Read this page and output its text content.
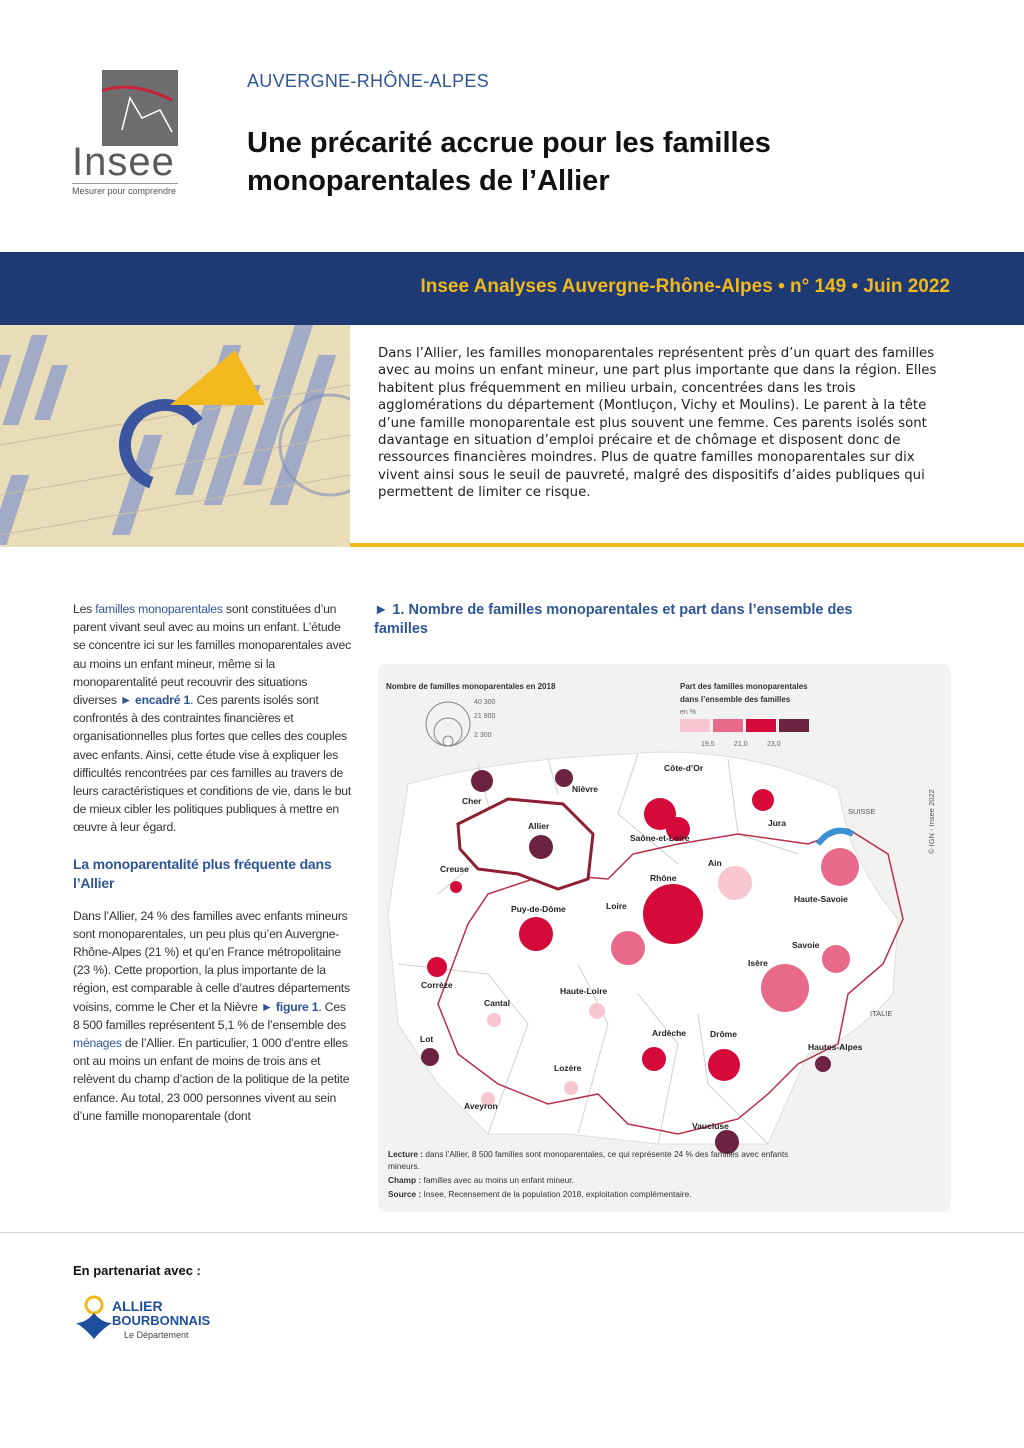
Insee
Mesurer pour comprendre
AUVERGNE-RHÔNE-ALPES
Une précarité accrue pour les familles
monoparentales de l’Allier
Insee Analyses Auvergne-Rhône-Alpes • n° 149 • Juin 2022
Dans l’Allier, les familles monoparentales représentent près d’un quart des familles avec au moins un enfant mineur, une part plus importante que dans la région. Elles habitent plus fréquemment en milieu urbain, concentrées dans les trois agglomérations du département (Montluçon, Vichy et Moulins). Le parent à la tête d’une famille monoparentale est plus souvent une femme. Ces parents isolés sont davantage en situation d’emploi précaire et de chômage et disposent donc de ressources financières moindres. Plus de quatre familles monoparentales sur dix vivent ainsi sous le seuil de pauvreté, malgré des dispositifs d’aides publiques qui permettent de limiter ce risque.

Les familles monoparentales sont constituées d’un parent vivant seul avec au moins un enfant. L’étude se concentre ici sur les familles monoparentales avec au moins un enfant mineur, même si la monoparentalité peut recouvrir des situations diverses ► encadré 1. Ces parents isolés sont confrontés à des contraintes financières et organisationnelles plus fortes que celles des couples avec enfants. Ainsi, cette étude vise à expliquer les difficultés rencontrées par ces familles au travers de leurs caractéristiques et conditions de vie, dans le but de mieux cibler les politiques publiques à mettre en œuvre à leur égard.

La monoparentalité plus fréquente dans l’Allier

Dans l’Allier, 24 % des familles avec enfants mineurs sont monoparentales, un peu plus qu’en Auvergne-Rhône-Alpes (21 %) et qu’en France métropolitaine (23 %). Cette proportion, la plus importante de la région, est comparable à celle d’autres départements voisins, comme le Cher et la Nièvre ► figure 1. Ces 8 500 familles représentent 5,1 % de l’ensemble des ménages de l’Allier. En particulier, 1 000 d’entre elles ont au moins un enfant de moins de trois ans et relèvent du champ d’action de la politique de la petite enfance. Au total, 23 000 personnes vivent au sein d’une famille monoparentale (dont

► 1. Nombre de familles monoparentales et part dans l’ensemble des familles
Nombre de familles monoparentales en 2018
40 300
21 900
2 300
Part des familles monoparentales
dans l’ensemble des familles
en %
19,5	21,0	23,0
© IGN - Insee 2022
SUISSE
ITALIE
Cher
Nièvre
Côte-d’Or
Allier
Saône-et-Loire
Jura
Creuse
Ain
Rhône
Haute-Savoie
Puy-de-Dôme	Loire
Savoie
Isère
Corrèze
Cantal
Haute-Loire
Lot
Ardèche	Drôme
Hautes-Alpes
Lozère
Aveyron
Vaucluse
Lecture : dans l’Allier, 8 500 familles sont monoparentales, ce qui représente 24 % des familles avec enfants
mineurs.
Champ : familles avec au moins un enfant mineur.
Source : Insee, Recensement de la population 2018, exploitation complémentaire.
En partenariat avec :
ALLIER
BOURBONNAIS
Le Département
